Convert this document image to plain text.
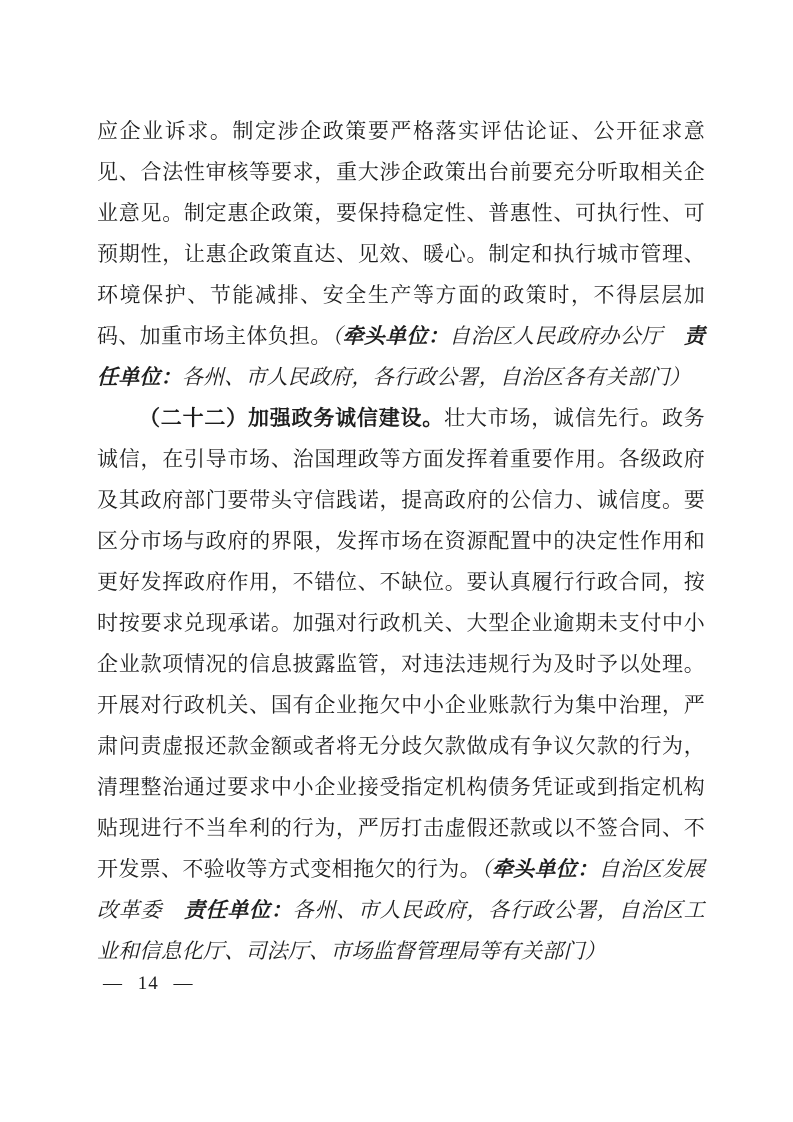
应企业诉求。制定涉企政策要严格落实评估论证、公开征求意见、合法性审核等要求，重大涉企政策出台前要充分听取相关企业意见。制定惠企政策，要保持稳定性、普惠性、可执行性、可预期性，让惠企政策直达、见效、暖心。制定和执行城市管理、环境保护、节能减排、安全生产等方面的政策时，不得层层加码、加重市场主体负担。（牵头单位：自治区人民政府办公厅　责任单位：各州、市人民政府，各行政公署，自治区各有关部门）

（二十二）加强政务诚信建设。壮大市场，诚信先行。政务诚信，在引导市场、治国理政等方面发挥着重要作用。各级政府及其政府部门要带头守信践诺，提高政府的公信力、诚信度。要区分市场与政府的界限，发挥市场在资源配置中的决定性作用和更好发挥政府作用，不错位、不缺位。要认真履行行政合同，按时按要求兑现承诺。加强对行政机关、大型企业逾期未支付中小企业款项情况的信息披露监管，对违法违规行为及时予以处理。开展对行政机关、国有企业拖欠中小企业账款行为集中治理，严肃问责虚报还款金额或者将无分歧欠款做成有争议欠款的行为，清理整治通过要求中小企业接受指定机构债务凭证或到指定机构贴现进行不当牟利的行为，严厉打击虚假还款或以不签合同、不开发票、不验收等方式变相拖欠的行为。（牵头单位：自治区发展改革委　责任单位：各州、市人民政府，各行政公署，自治区工业和信息化厅、司法厅、市场监督管理局等有关部门）

— 14 —
